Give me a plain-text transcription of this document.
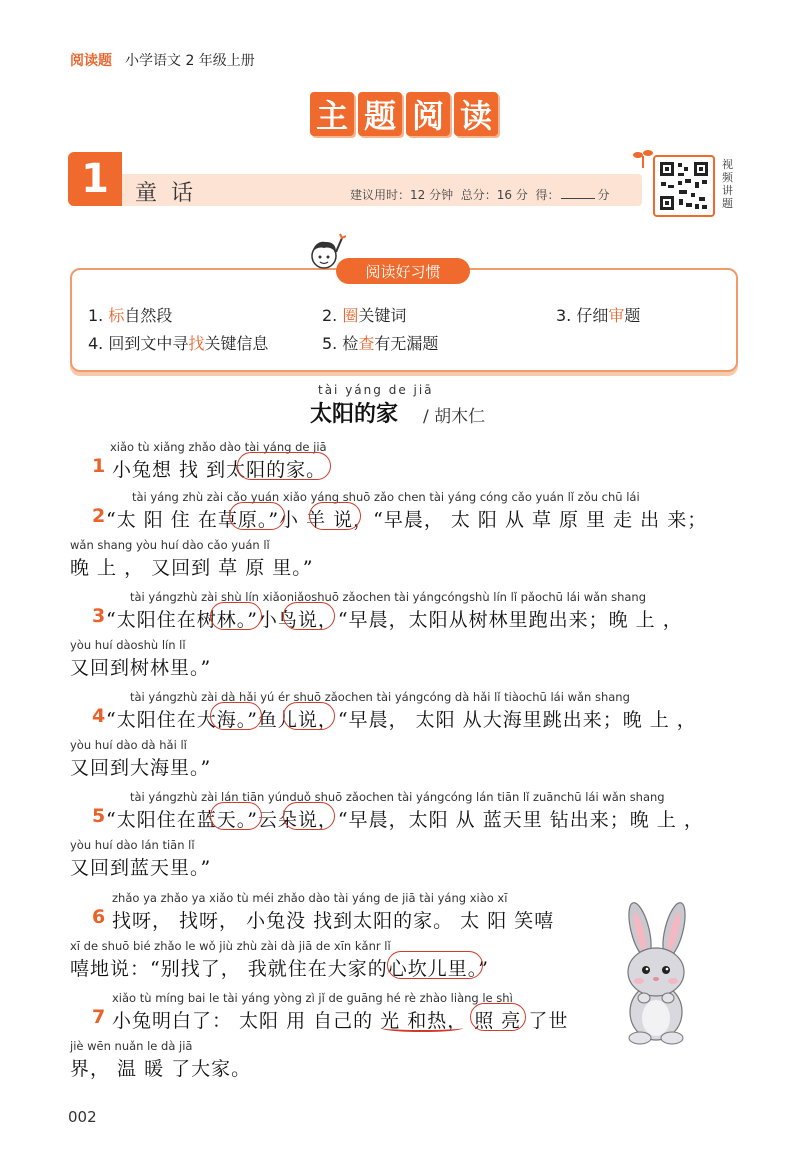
阅读题 小学语文 2 年级上册
主 题 阅 读
1	童话	建议用时：12 分钟 总分：16 分 得：	分
视频讲题
阅读好习惯
1. 标自然段	2. 圈关键词	3. 仔细审题
4. 回到文中寻找关键信息	5. 检查有无漏题
tài yáng de jiā
太阳的家 / 胡木仁
xiǎo tù xiǎng zhǎo dào tài yáng de jiā
1 小兔想 找 到太阳的家。
tài yáng zhù zài cǎo yuán xiǎo yáng shuō zǎo chen tài yáng cóng cǎo yuán lǐ zǒu chū lái
2 “太 阳 住 在草原。”小 羊 说，“早晨， 太 阳 从 草 原 里 走 出 来；
wǎn shang yòu huí dào cǎo yuán lǐ
晚 上 ， 又回到 草 原 里。”
tài yángzhù zài shù lín xiǎoniǎoshuō zǎochen tài yángcóngshù lín lǐ pǎochū lái wǎn shang
3 “太阳住在树林。”小鸟说，“早晨，太阳从树林里跑出来；晚 上 ，
yòu huí dàoshù lín lǐ
又回到树林里。”
tài yángzhù zài dà hǎi yú ér shuō zǎochen tài yángcóng dà hǎi lǐ tiàochū lái wǎn shang
4 “太阳住在大海。”鱼儿说，“早晨， 太阳 从大海里跳出来；晚 上 ，
yòu huí dào dà hǎi lǐ
又回到大海里。”
tài yángzhù zài lán tiān yúnduǒ shuō zǎochen tài yángcóng lán tiān lǐ zuānchū lái wǎn shang
5 “太阳住在蓝天。”云朵说，“早晨，太阳 从 蓝天里 钻出来；晚 上 ，
yòu huí dào lán tiān lǐ
又回到蓝天里。”
zhǎo ya zhǎo ya xiǎo tù méi zhǎo dào tài yáng de jiā tài yáng xiào xī
6 找呀， 找呀， 小兔没 找到太阳的家。 太 阳 笑嘻
xī de shuō bié zhǎo le wǒ jiù zhù zài dà jiā de xīn kǎnr lǐ
嘻地说：“别找了， 我就住在大家的心坎儿里。”
xiǎo tù míng bai le tài yáng yòng zì jǐ de guāng hé rè zhào liàng le shì
7 小兔明白了： 太阳 用 自己的 光 和热， 照 亮 了世
jiè wēn nuǎn le dà jiā
界， 温 暖 了大家。
002
